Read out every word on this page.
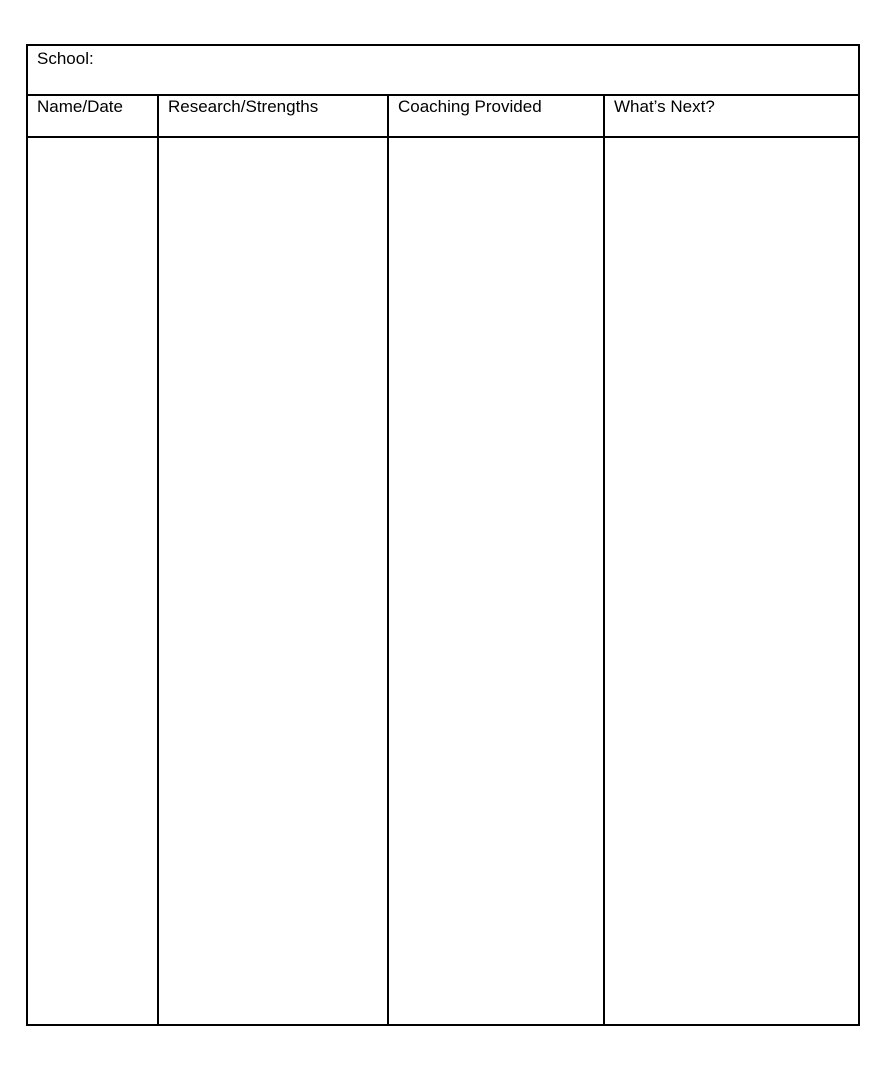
School:
Name/Date	Research/Strengths	Coaching Provided	What’s Next?
